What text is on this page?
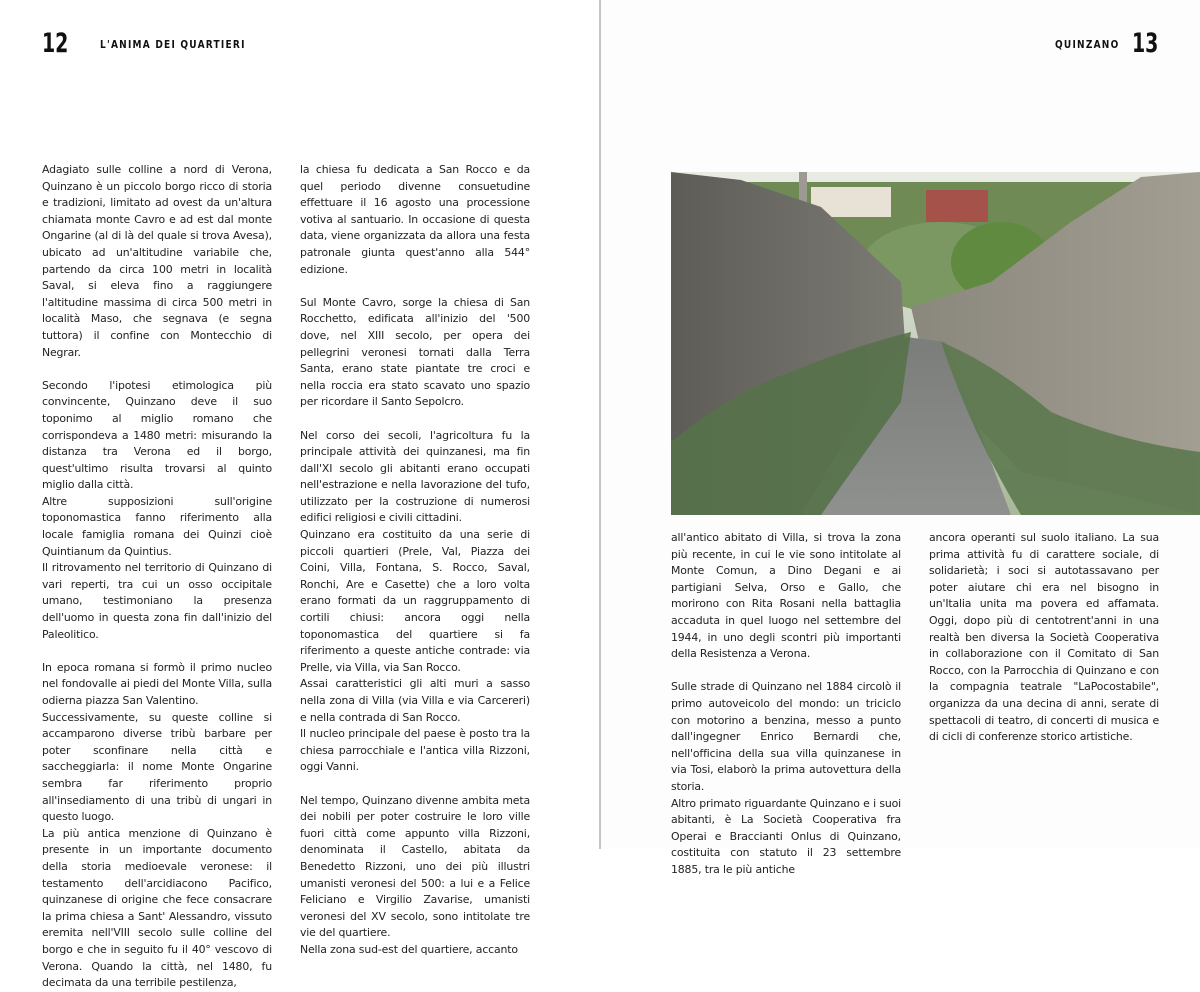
12	L'ANIMA DEI QUARTIERI

Adagiato sulle colline a nord di Verona, Quinzano è un piccolo borgo ricco di storia e tradizioni, limitato ad ovest da un'altura chiamata monte Cavro e ad est dal monte Ongarine (al di là del quale si trova Avesa), ubicato ad un'altitudine variabile che, partendo da circa 100 metri in località Saval, si eleva fino a raggiungere l'altitudine massima di circa 500 metri in località Maso, che segnava (e segna tuttora) il confine con Montecchio di Negrar.

Secondo l'ipotesi etimologica più convincente, Quinzano deve il suo toponimo al miglio romano che corrispondeva a 1480 metri: misurando la distanza tra Verona ed il borgo, quest'ultimo risulta trovarsi al quinto miglio dalla città.

Altre supposizioni sull'origine toponomastica fanno riferimento alla locale famiglia romana dei Quinzi cioè Quintianum da Quintius.

Il ritrovamento nel territorio di Quinzano di vari reperti, tra cui un osso occipitale umano, testimoniano la presenza dell'uomo in questa zona fin dall'inizio del Paleolitico.

In epoca romana si formò il primo nucleo nel fondovalle ai piedi del Monte Villa, sulla odierna piazza San Valentino.

Successivamente, su queste colline si accamparono diverse tribù barbare per poter sconfinare nella città e saccheggiarla: il nome Monte Ongarine sembra far riferimento proprio all'insediamento di una tribù di ungari in questo luogo.

La più antica menzione di Quinzano è presente in un importante documento della storia medioevale veronese: il testamento dell'arcidiacono Pacifico, quinzanese di origine che fece consacrare la prima chiesa a Sant' Alessandro, vissuto eremita nell'VIII secolo sulle colline del borgo e che in seguito fu il 40° vescovo di Verona. Quando la città, nel 1480, fu decimata da una terribile pestilenza,

la chiesa fu dedicata a San Rocco e da quel periodo divenne consuetudine effettuare il 16 agosto una processione votiva al santuario. In occasione di questa data, viene organizzata da allora una festa patronale giunta quest'anno alla 544° edizione.

Sul Monte Cavro, sorge la chiesa di San Rocchetto, edificata all'inizio del '500 dove, nel XIII secolo, per opera dei pellegrini veronesi tornati dalla Terra Santa, erano state piantate tre croci e nella roccia era stato scavato uno spazio per ricordare il Santo Sepolcro.

Nel corso dei secoli, l'agricoltura fu la principale attività dei quinzanesi, ma fin dall'XI secolo gli abitanti erano occupati nell'estrazione e nella lavorazione del tufo, utilizzato per la costruzione di numerosi edifici religiosi e civili cittadini.

Quinzano era costituito da una serie di piccoli quartieri (Prele, Val, Piazza dei Coini, Villa, Fontana, S. Rocco, Saval, Ronchi, Are e Casette) che a loro volta erano formati da un raggruppamento di cortili chiusi: ancora oggi nella toponomastica del quartiere si fa riferimento a queste antiche contrade: via Prelle, via Villa, via San Rocco.

Assai caratteristici gli alti muri a sasso nella zona di Villa (via Villa e via Carcereri) e nella contrada di San Rocco.

Il nucleo principale del paese è posto tra la chiesa parrocchiale e l'antica villa Rizzoni, oggi Vanni.

Nel tempo, Quinzano divenne ambita meta dei nobili per poter costruire le loro ville fuori città come appunto villa Rizzoni, denominata il Castello, abitata da Benedetto Rizzoni, uno dei più illustri umanisti veronesi del 500: a lui e a Felice Feliciano e Virgilio Zavarise, umanisti veronesi del XV secolo, sono intitolate tre vie del quartiere.

Nella zona sud-est del quartiere, accanto

QUINZANO 13

all'antico abitato di Villa, si trova la zona più recente, in cui le vie sono intitolate al Monte Comun, a Dino Degani e ai partigiani Selva, Orso e Gallo, che morirono con Rita Rosani nella battaglia accaduta in quel luogo nel settembre del 1944, in uno degli scontri più importanti della Resistenza a Verona.

Sulle strade di Quinzano nel 1884 circolò il primo autoveicolo del mondo: un triciclo con motorino a benzina, messo a punto dall'ingegner Enrico Bernardi che, nell'officina della sua villa quinzanese in via Tosi, elaborò la prima autovettura della storia.

Altro primato riguardante Quinzano e i suoi abitanti, è La Società Cooperativa fra Operai e Braccianti Onlus di Quinzano, costituita con statuto il 23 settembre 1885, tra le più antiche

ancora operanti sul suolo italiano. La sua prima attività fu di carattere sociale, di solidarietà; i soci si autotassavano per poter aiutare chi era nel bisogno in un'Italia unita ma povera ed affamata. Oggi, dopo più di centotrent'anni in una realtà ben diversa la Società Cooperativa in collaborazione con il Comitato di San Rocco, con la Parrocchia di Quinzano e con la compagnia teatrale "LaPocostabile", organizza da una decina di anni, serate di spettacoli di teatro, di concerti di musica e di cicli di conferenze storico artistiche.
